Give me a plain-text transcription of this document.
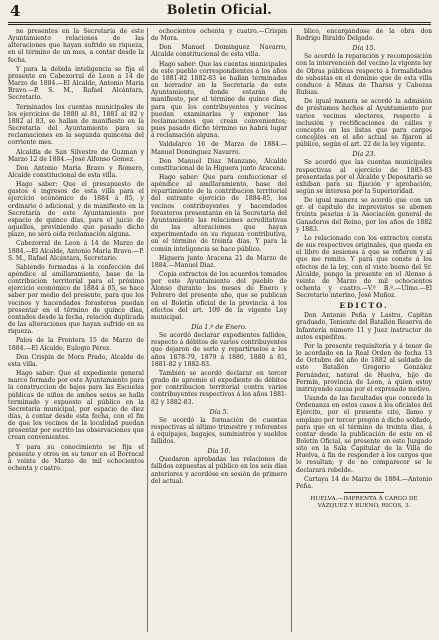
4	Boletin Oficial.

ne presentes en la Secretaría de este Ayuntamiento relaciones de las alteraciones que hayan sufrido su riqueza, en el término de un mes, a contar desde la fecha.

Y para la debida inteligencia se fija el presente en Cabezorral de Leon a 14 de Marzo de 1884.—El Alcalde, Antonio María Bravo.—P. S. M., Rafael Alcántara, Secretario.

Terminados los cuentas municipales de los ejercicios de 1880 al 81, 1881 al 82 y 1882 al 83, se hallan de manifiesto en la Secretaría del Ayuntamiento para su reclamaciones en la segunda quincena del corriente mes.

Alcaldía de San Silvestre de Guzman y Marzo 12 de 1884.—José Alfonso Gomez.

Don Antonio María Bravo y Romero, Alcalde constitucional de esta villa.

Hago saber: Que el presupuesto de gastos é ingresos de esta villa para el ejercicio económico de 1884 á 85, y ordinario ó adicional, y de manifiesto en la Secretaría de este Ayuntamiento por espacio de quince días, para el juicio de aquellos, previniendo que pasado dicho plazo, no será oída reclamación alguna.

Cabezorral de Leon á 14 de Marzo de 1884.—El Alcalde, Antonio María Bravo.—P. S. M., Rafael Alcántara, Secretario.

Sabiendo formadas á la confección del apéndice al amillaramiento, base de la contribucion territorial para el próximo ejercicio económico de 1884 á 85, se hace saber por medio del presente, para que los vecinos y hacendados forasteros puedan presentar en el término de quince días, contados desde la fecha, relación duplicada de las alteraciones que hayan sufrido en su riqueza.

Palos de la Frontera 15 de Marzo de 1884.—El Alcalde, Eulogio Pérez.

Don Crispin de Mora Prado, Alcalde de esta villa.

Hago saber: Que el expediente general marco formado por este Ayuntamiento para la construccion de bajos para las Escuelas públicas de niños de ambos sexos se halla terminado y expuesto al público en la Secretaría municipal, por espacio de diez días, á contar desde esta fecha, con el fin de que los vecinos de la localidad puedan presentar por escrito las observaciones que crean convenientes.

Y para su conocimiento se fija el presente y otros en su tenor en el Borracal á veinte de Marzo de mil ochocientos ochenta y cuatro.

ochocientos ochenta y cuatro.—Crispin de Mora.

Don Manuel Dominguez Navarro, Alcalde constitucional de esta villa.

Hago saber: Que las cuentas municipales de este pueblo correspondientes á los años de 1881-82 1882-83 se hallan terminadas en borrador en la Secretaría de este Ayuntamiento, donde estarán de manifiesto, por el término de quince días, para que los contribuyentes y vecinos puedan examinarlas y exponer las reclamaciones que crean convenientes; pues pasado dicho término no habrá lugar á reclamación alguna.

Valdelarco 16 de Marzo de 1884.—Manuel Dominguez Navarro.

Don Manuel Diaz Manzano, Alcalde constitucional de la Higuera junto Aracena.

Hago saber: Que para confeccionar el apéndice al amillaramiento, base del repartimiento de la contribucion territorial del entrante ejercicio de 1884-85, los vecinos contribuyentes y hacendados forasteros presentarán en la Secretaría del Ayuntamiento las relaciones acreditativas de las alteraciones que hayan experimentado en su riqueza contributiva, en el término de treinta días. Y para la común inteligencia se hace público.

Higuera junto Aracena 21 de Marzo de 1884.—Manuel Diaz.

Copia extractos de los acuerdos tomados por este Ayuntamiento del pueblo de Alonso durante los meses de Enero y Febrero del presente año, que se publican en el Boletín oficial de la provincia á los efectos del art. 109 de la vigente Ley municipal.

Día 1.º de Enero.

Se acordó declarar expedientes fallidos, respecto á débitos de varios contribuyentes que dejaron de serlo y repartírselos a los años 1878-79, 1879 á 1880, 1880 á 81, 1881-82 y 1882-83.

También se acordó declarar en tercer grado de apremio el expediente de débitos por contribucion territorial contra varios contribuyentes respectivos á los años 1881-82 y 1882-83.

Día 5.

Se acordó la formación de cuentas respectivas al último trimestre y referentes á equipajes, bagajes, suministros y sueldos fallidos.

Día 10.

Quedaron aprobadas las relaciones de fallidos expuestas al público en los seis días anteriores y acordóse en sesión de primero del actual.

blico, encargándose de la obra don Rodrigo Biraldo Delgado.

Día 15.

Se acordó la reparación y recomposición con la intervención del vecino la vigente ley de Obras públicas respecto á formalidades de subastas en el dominio que de esta villa conduce á Minas de Tharsis y Cabezas Rubias.

De igual manera se acordó la admisión de préstamos hechos al Ayuntamiento por varios vecinos electores, respecto á inclusión y rectificaciones de cálles y concepto en las listas que para cargos concejiles en el año actual se fijaron al público, según el art. 22 de la ley vigente.

Día 23.

Se acordó que las cuentas municipales respectivas al ejercicio de 1883-83 presentadas por el Alcalde y Depositario se exhiban para su fijación y aprobación, según se interesa por la Superioridad.

De igual manera se acordó que con un gr. el capítulo de imprevistos se abonen treinta pesetas á la Asociación general de Ganaderos del Reino, por los años de 1882 y 1883.

Lo relacionado con los extractos consta de sus respectivos originales, que queda en el libro de sesiones á que se refieren y al que me remito. Y para que conste á los efectos de la ley, con el visto bueno del Sr. Alcalde, pongo la presente en el Alonso á veinte de Marzo de mil ochocientos ochenta y cuatro.—V.º B.º.—Ulmo.—El Secretario interino, José Muñoz.

EDICTO.

Don Antonio Peña y Lastra, Capitán graduado, Teniente del Batallón Reserva de Infantería número 11 y Juez instructor de autos expeditos.

Por la presente requisitoria y á tenor de lo acordado en la Real Orden de fecha 13 de Octubre del año de 1882 al soldado de este Batallón Gregorio González Fernández, natural de Huelva, hijo de Fermín, provincia de Leon, á quien estoy instruyendo causa por el expresado motivo.

Usando de las facultades que concede la Ordenanza en estos casos á los oficiales del Ejército, por el presente cito, llamo y emplazo por tercer pregón á dicho soldado, para que en el término de treinta días, á contar desde la publicación de este en el Boletín Oficial, se presente en este Juzgado sito en la Sala Capitular de la Villa de Huelva, á fin de responder á los cargos que le resultan; y de no comparecer se le declarará rebelde.

Cartaya 14 de Marzo de 1884.—Antonio Peña.

HUELVA.—IMPRENTA Á CARGO DE VÁZQUEZ Y BUENO, RICOS, 3.
